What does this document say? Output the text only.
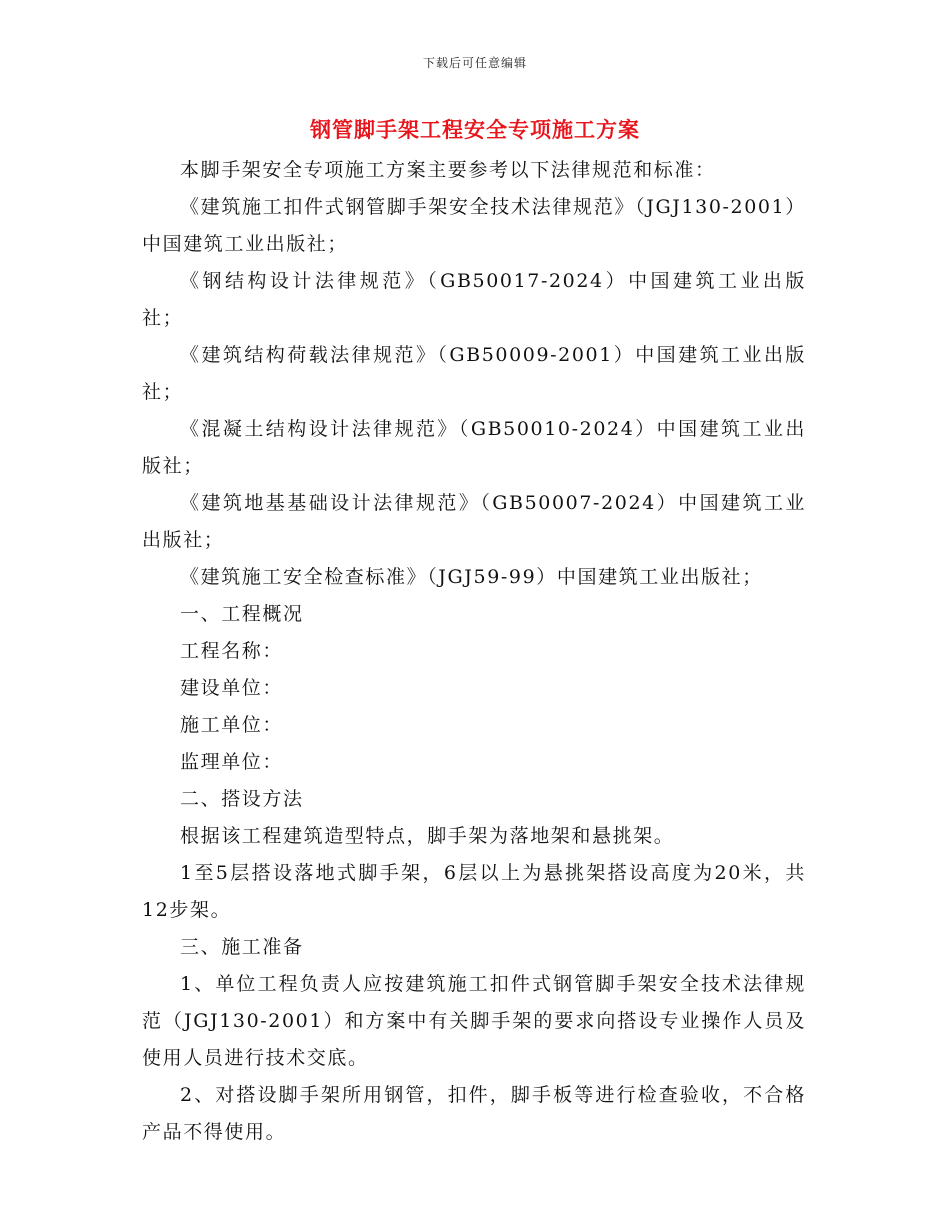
下载后可任意编辑
钢管脚手架工程安全专项施工方案

本脚手架安全专项施工方案主要参考以下法律规范和标准：

《建筑施工扣件式钢管脚手架安全技术法律规范》（JGJ130-2001）中国建筑工业出版社；

《钢结构设计法律规范》（GB50017-2024）中国建筑工业出版社；

《建筑结构荷载法律规范》（GB50009-2001）中国建筑工业出版社；

《混凝土结构设计法律规范》（GB50010-2024）中国建筑工业出版社；

《建筑地基基础设计法律规范》（GB50007-2024）中国建筑工业出版社；

《建筑施工安全检查标准》（JGJ59-99）中国建筑工业出版社；

一、工程概况

工程名称：

建设单位：

施工单位：

监理单位：

二、搭设方法

根据该工程建筑造型特点，脚手架为落地架和悬挑架。

1至5层搭设落地式脚手架，6层以上为悬挑架搭设高度为20米，共12步架。

三、施工准备

1、单位工程负责人应按建筑施工扣件式钢管脚手架安全技术法律规范（JGJ130-2001）和方案中有关脚手架的要求向搭设专业操作人员及使用人员进行技术交底。

2、对搭设脚手架所用钢管，扣件，脚手板等进行检查验收，不合格产品不得使用。
